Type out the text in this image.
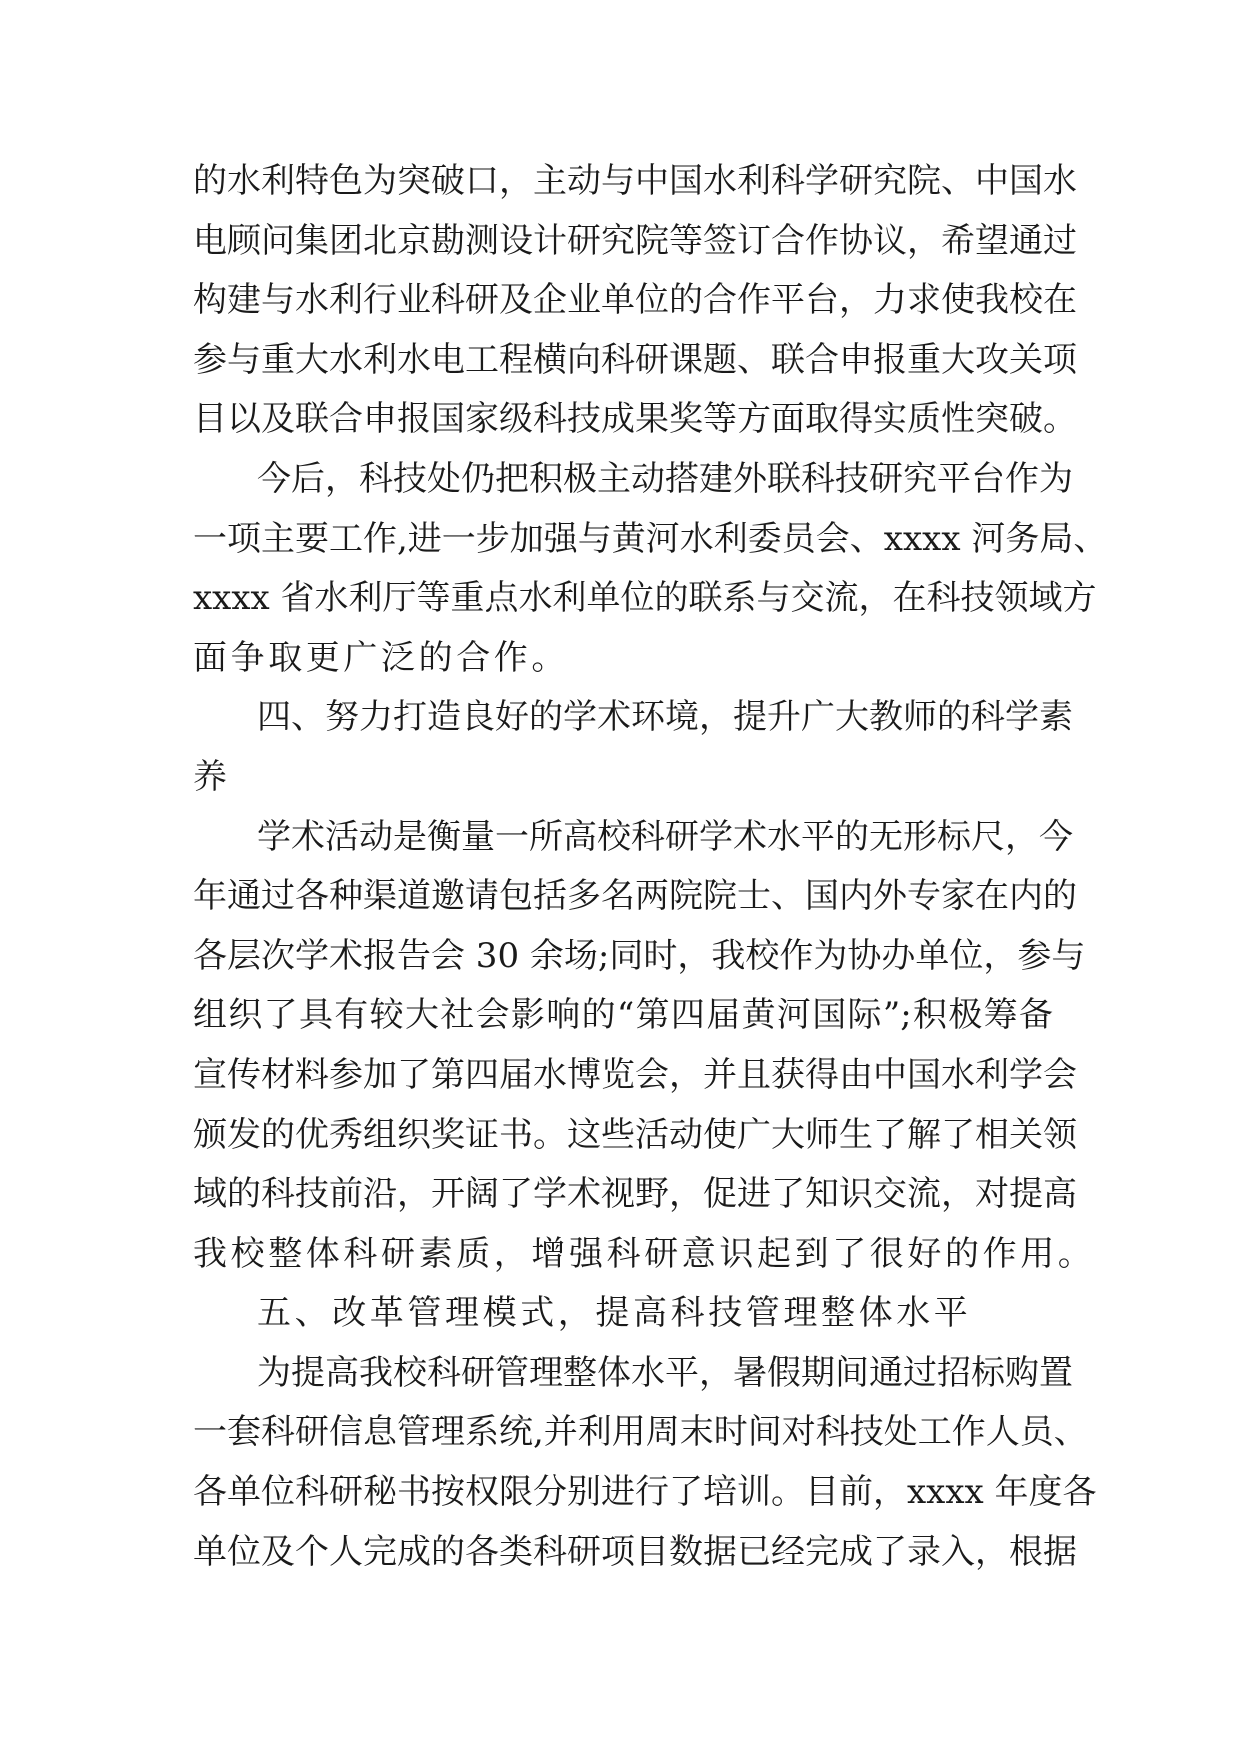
的水利特色为突破口，主动与中国水利科学研究院、中国水
电顾问集团北京勘测设计研究院等签订合作协议，希望通过
构建与水利行业科研及企业单位的合作平台，力求使我校在
参与重大水利水电工程横向科研课题、联合申报重大攻关项
目以及联合申报国家级科技成果奖等方面取得实质性突破。
今后，科技处仍把积极主动搭建外联科技研究平台作为
一项主要工作,进一步加强与黄河水利委员会、xxxx 河务局、
xxxx 省水利厅等重点水利单位的联系与交流，在科技领域方
面争取更广泛的合作。
四、努力打造良好的学术环境，提升广大教师的科学素
养
学术活动是衡量一所高校科研学术水平的无形标尺，今
年通过各种渠道邀请包括多名两院院士、国内外专家在内的
各层次学术报告会 30 余场;同时，我校作为协办单位，参与
组织了具有较大社会影响的“第四届黄河国际”;积极筹备
宣传材料参加了第四届水博览会，并且获得由中国水利学会
颁发的优秀组织奖证书。这些活动使广大师生了解了相关领
域的科技前沿，开阔了学术视野，促进了知识交流，对提高
我校整体科研素质，增强科研意识起到了很好的作用。
五、改革管理模式，提高科技管理整体水平
为提高我校科研管理整体水平，暑假期间通过招标购置
一套科研信息管理系统,并利用周末时间对科技处工作人员、
各单位科研秘书按权限分别进行了培训。目前，xxxx 年度各
单位及个人完成的各类科研项目数据已经完成了录入，根据
